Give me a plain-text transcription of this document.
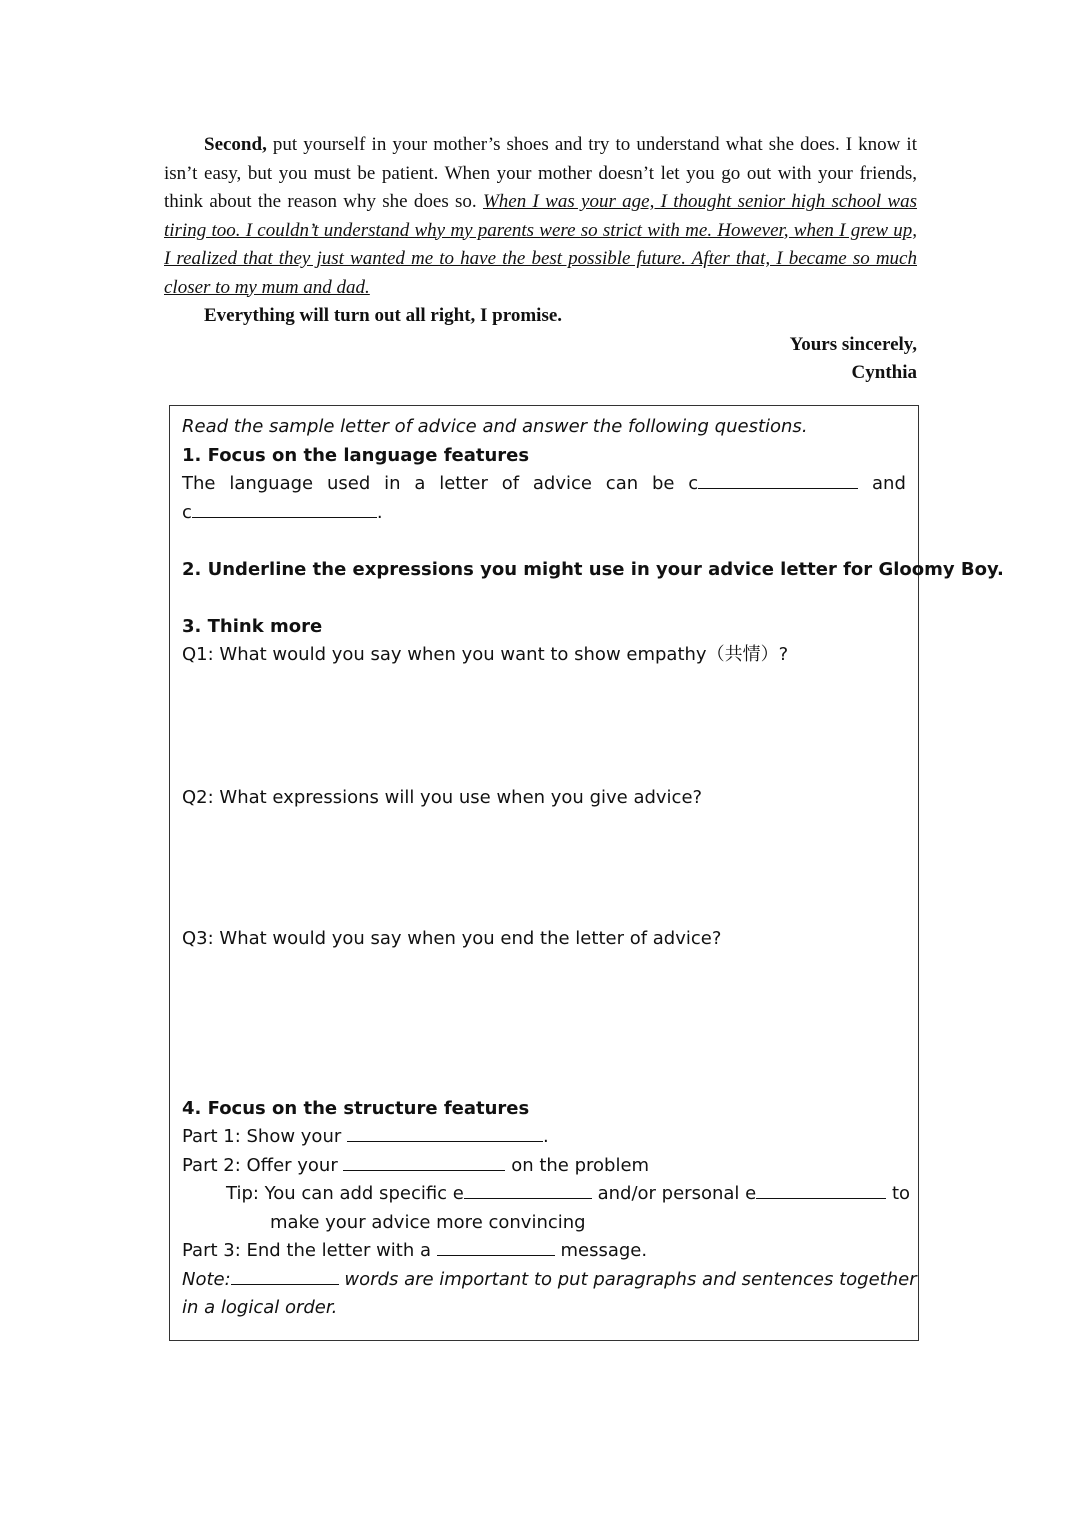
Second, put yourself in your mother’s shoes and try to understand what she does. I know it isn’t easy, but you must be patient. When your mother doesn’t let you go out with your friends, think about the reason why she does so. When I was your age, I thought senior high school was tiring too. I couldn’t understand why my parents were so strict with me. However, when I grew up, I realized that they just wanted me to have the best possible future. After that, I became so much closer to my mum and dad.

Everything will turn out all right, I promise.

Yours sincerely,

Cynthia

Read the sample letter of advice and answer the following questions.
1. Focus on the language features
The language used in a letter of advice can be c	and
c	.
2. Underline the expressions you might use in your advice letter for Gloomy Boy.
3. Think more
Q1: What would you say when you want to show empathy（共情）?
Q2: What expressions will you use when you give advice?
Q3: What would you say when you end the letter of advice?
4. Focus on the structure features
Part 1: Show your	.
Part 2: Offer your	on the problem
Tip: You can add specific e	and/or personal e	to
make your advice more convincing
Part 3: End the letter with a	message.
Note:	words are important to put paragraphs and sentences together
in a logical order.
